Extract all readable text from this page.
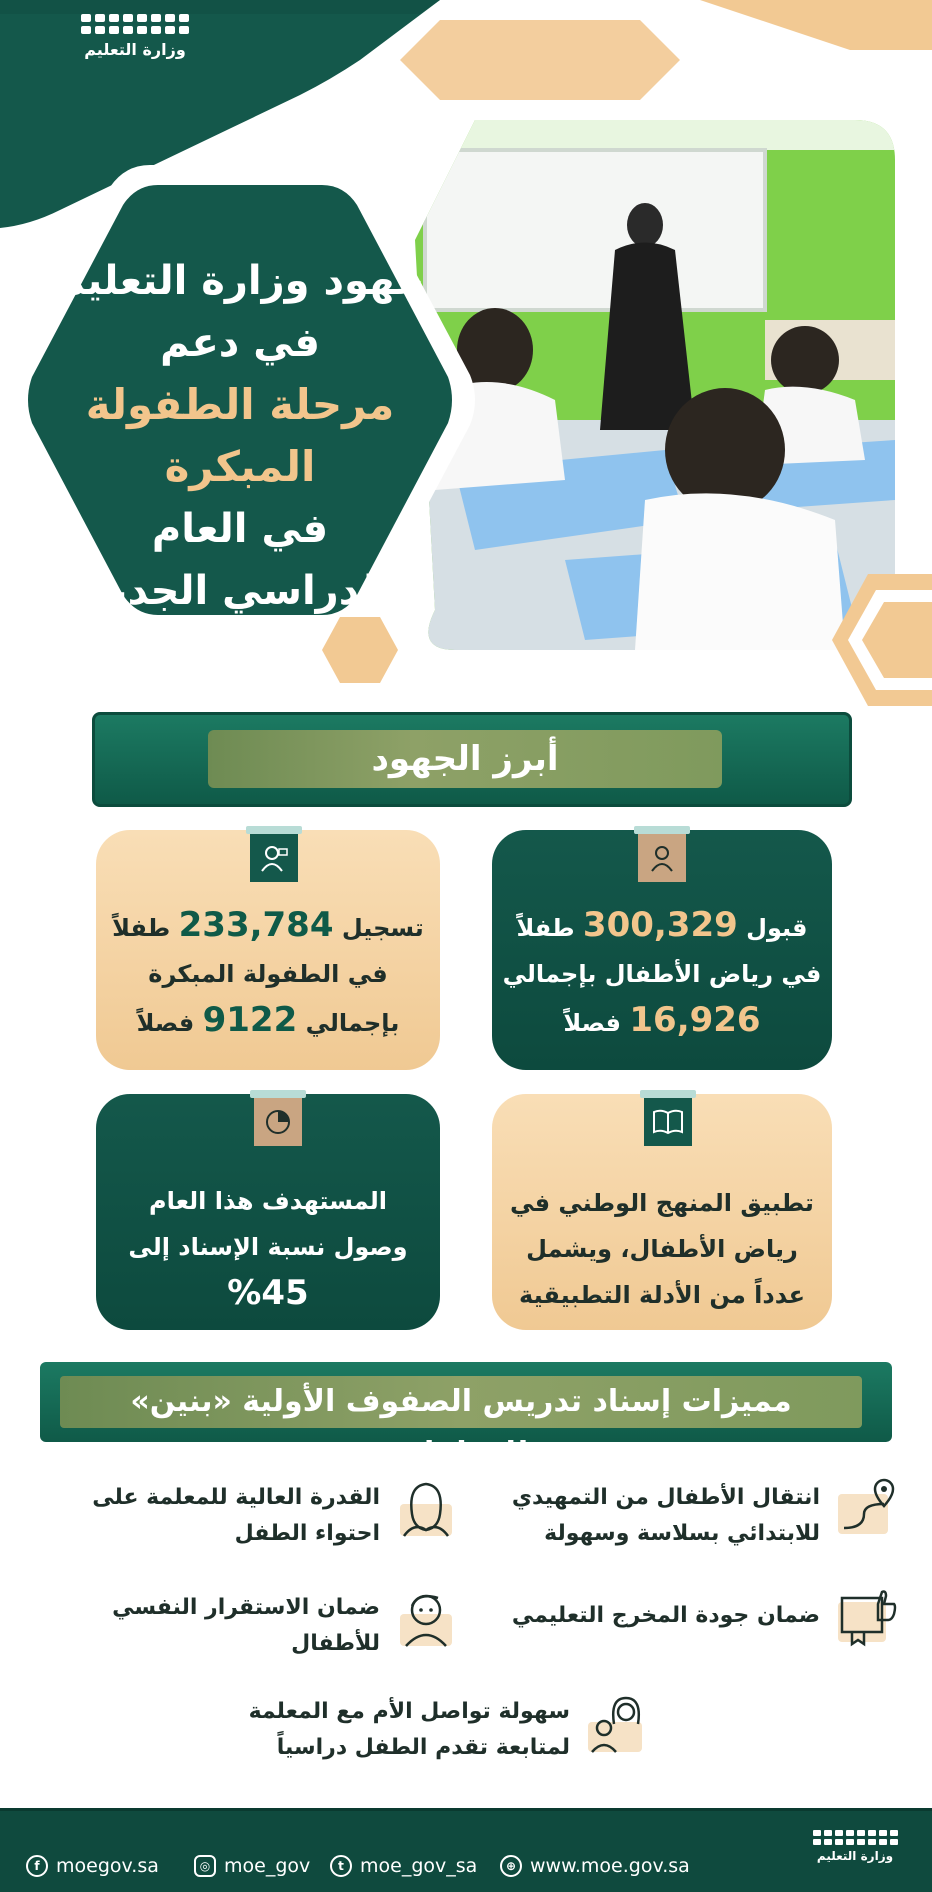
وزارة التعليم
جهود وزارة التعليم
في دعم
مرحلة الطفولة المبكرة
في العام
الدراسي الجديد
أبرز الجهود
قبول 300,329 طفلاً
في رياض الأطفال بإجمالي
16,926 فصلاً
تسجيل 233,784 طفلاً
في الطفولة المبكرة
بإجمالي 9122 فصلاً
تطبيق المنهج الوطني في
رياض الأطفال، ويشمل
عدداً من الأدلة التطبيقية
المستهدف هذا العام
وصول نسبة الإسناد إلى
%45
مميزات إسناد تدريس الصفوف الأولية «بنين» للمعلمات
انتقال الأطفال من التمهيدي
للابتدائي بسلاسة وسهولة
القدرة العالية للمعلمة على
احتواء الطفل
ضمان جودة المخرج التعليمي
ضمان الاستقرار النفسي
للأطفال
سهولة تواصل الأم مع المعلمة
لمتابعة تقدم الطفل دراسياً
f moegov.sa	◎ moe_gov	t moe_gov_sa	⊕ www.moe.gov.sa	وزارة التعليم
